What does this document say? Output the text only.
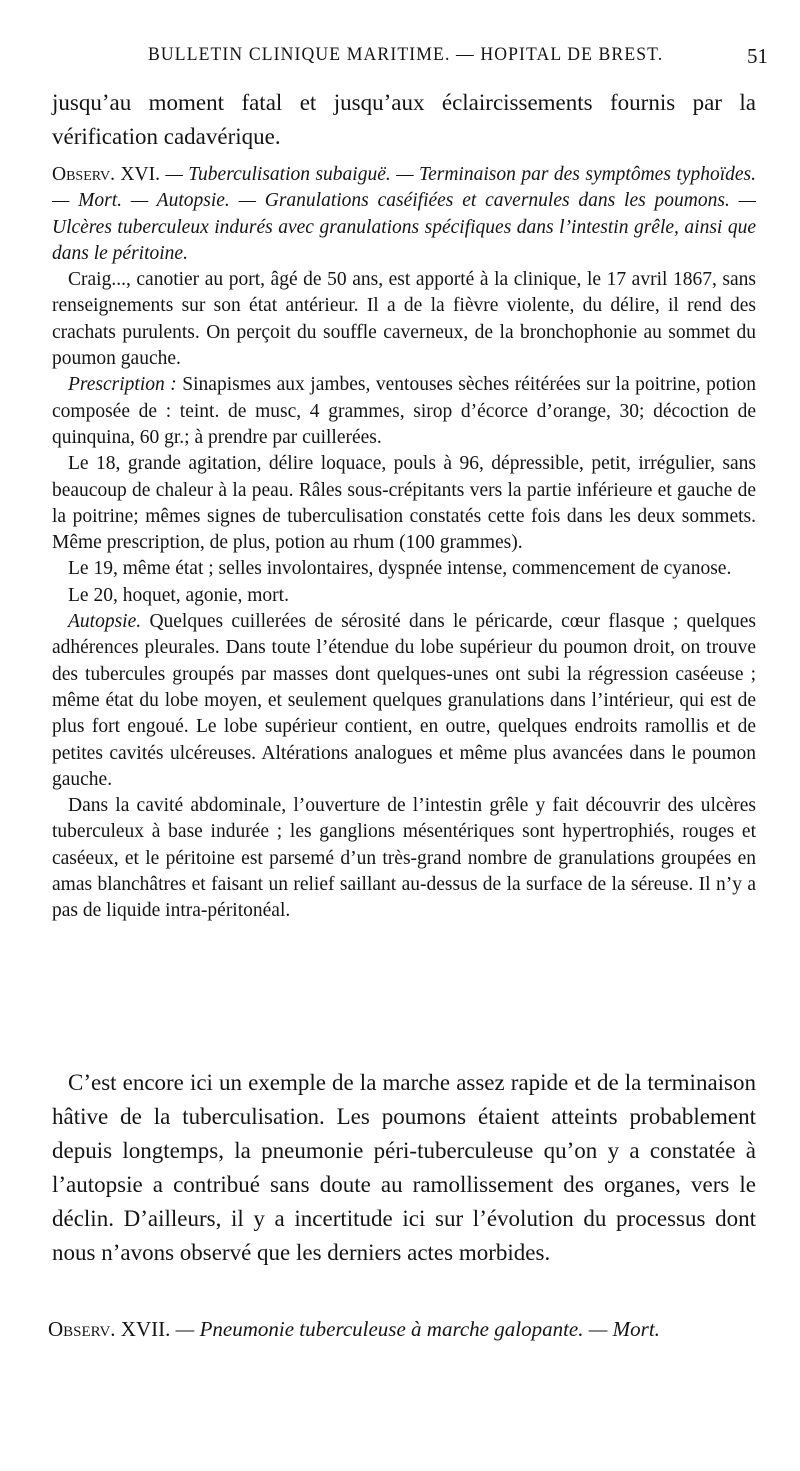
BULLETIN CLINIQUE MARITIME. — HOPITAL DE BREST.	51

jusqu’au moment fatal et jusqu’aux éclaircissements fournis par la vérification cadavérique.

Observ. XVI. — Tuberculisation subaiguë. — Terminaison par des symptômes typhoïdes. — Mort. — Autopsie. — Granulations caséifiées et cavernules dans les poumons. — Ulcères tuberculeux indurés avec granulations spécifiques dans l’intestin grêle, ainsi que dans le péritoine.

Craig..., canotier au port, âgé de 50 ans, est apporté à la clinique, le 17 avril 1867, sans renseignements sur son état antérieur. Il a de la fièvre violente, du délire, il rend des crachats purulents. On perçoit du souffle caverneux, de la bronchophonie au sommet du poumon gauche.

Prescription : Sinapismes aux jambes, ventouses sèches réitérées sur la poitrine, potion composée de : teint. de musc, 4 grammes, sirop d’écorce d’orange, 30; décoction de quinquina, 60 gr.; à prendre par cuillerées.

Le 18, grande agitation, délire loquace, pouls à 96, dépressible, petit, irrégulier, sans beaucoup de chaleur à la peau. Râles sous-crépitants vers la partie inférieure et gauche de la poitrine; mêmes signes de tuberculisation constatés cette fois dans les deux sommets. Même prescription, de plus, potion au rhum (100 grammes).

Le 19, même état ; selles involontaires, dyspnée intense, commencement de cyanose.

Le 20, hoquet, agonie, mort.

Autopsie. Quelques cuillerées de sérosité dans le péricarde, cœur flasque ; quelques adhérences pleurales. Dans toute l’étendue du lobe supérieur du poumon droit, on trouve des tubercules groupés par masses dont quelques-unes ont subi la régression caséeuse ; même état du lobe moyen, et seulement quelques granulations dans l’intérieur, qui est de plus fort engoué. Le lobe supérieur contient, en outre, quelques endroits ramollis et de petites cavités ulcéreuses. Altérations analogues et même plus avancées dans le poumon gauche.

Dans la cavité abdominale, l’ouverture de l’intestin grêle y fait découvrir des ulcères tuberculeux à base indurée ; les ganglions mésentériques sont hypertrophiés, rouges et caséeux, et le péritoine est parsemé d’un très-grand nombre de granulations groupées en amas blanchâtres et faisant un relief saillant au-dessus de la surface de la séreuse. Il n’y a pas de liquide intra-péritonéal.

C’est encore ici un exemple de la marche assez rapide et de la terminaison hâtive de la tuberculisation. Les poumons étaient atteints probablement depuis longtemps, la pneumonie péri-tuberculeuse qu’on y a constatée à l’autopsie a contribué sans doute au ramollissement des organes, vers le déclin. D’ailleurs, il y a incertitude ici sur l’évolution du processus dont nous n’avons observé que les derniers actes morbides.

Observ. XVII. — Pneumonie tuberculeuse à marche galopante. — Mort.
